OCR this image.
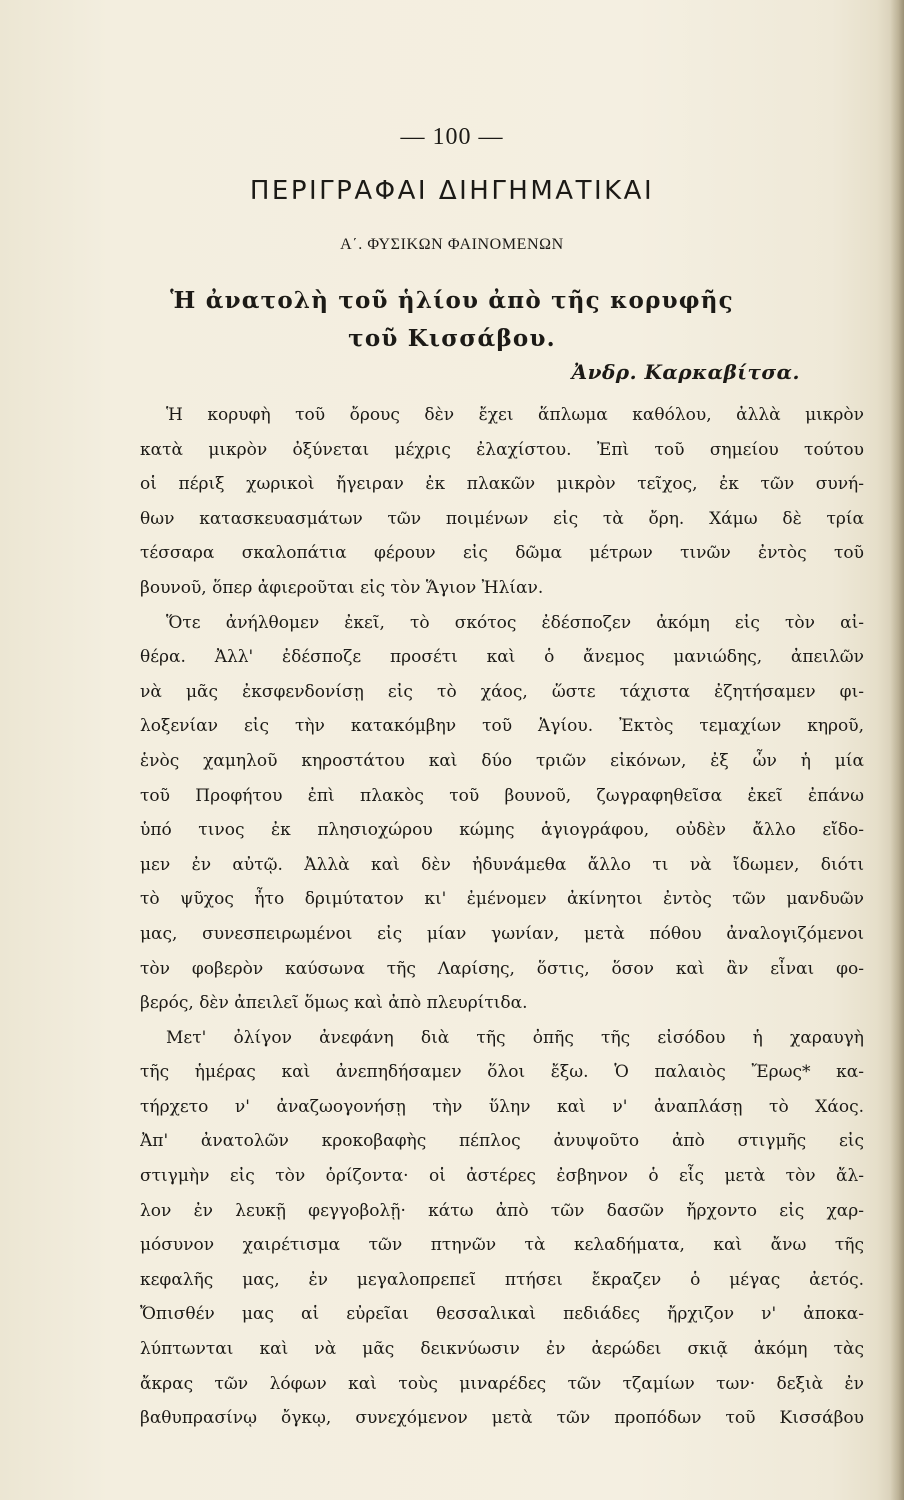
— 100 —
ΠΕΡΙΓΡΑΦΑΙ ΔΙΗΓΗΜΑΤΙΚΑΙ
Α΄. ΦΥΣΙΚΩΝ ΦΑΙΝΟΜΕΝΩΝ
Ἡ ἀνατολὴ τοῦ ἡλίου ἀπὸ τῆς κορυφῆς
τοῦ Κισσάβου.
Ἀνδρ. Καρκαβίτσα.
Ἡ κορυφὴ τοῦ ὄρους δὲν ἔχει ἅπλωμα καθόλου, ἀλλὰ μικρὸν
κατὰ μικρὸν ὀξύνεται μέχρις ἐλαχίστου. Ἐπὶ τοῦ σημείου τούτου
οἱ πέριξ χωρικοὶ ἤγειραν ἐκ πλακῶν μικρὸν τεῖχος, ἐκ τῶν συνή-
θων κατασκευασμάτων τῶν ποιμένων εἰς τὰ ὄρη. Χάμω δὲ τρία
τέσσαρα σκαλοπάτια φέρουν εἰς δῶμα μέτρων τινῶν ἐντὸς τοῦ
βουνοῦ, ὅπερ ἀφιεροῦται εἰς τὸν Ἅγιον Ἠλίαν.
Ὅτε ἀνήλθομεν ἐκεῖ, τὸ σκότος ἐδέσποζεν ἀκόμη εἰς τὸν αἰ-
θέρα. Ἀλλ' ἐδέσποζε προσέτι καὶ ὁ ἄνεμος μανιώδης, ἀπειλῶν
νὰ μᾶς ἐκσφενδονίσῃ εἰς τὸ χάος, ὥστε τάχιστα ἐζητήσαμεν φι-
λοξενίαν εἰς τὴν κατακόμβην τοῦ Ἁγίου. Ἐκτὸς τεμαχίων κηροῦ,
ἑνὸς χαμηλοῦ κηροστάτου καὶ δύο τριῶν εἰκόνων, ἐξ ὧν ἡ μία
τοῦ Προφήτου ἐπὶ πλακὸς τοῦ βουνοῦ, ζωγραφηθεῖσα ἐκεῖ ἐπάνω
ὑπό τινος ἐκ πλησιοχώρου κώμης ἁγιογράφου, οὐδὲν ἄλλο εἴδο-
μεν ἐν αὐτῷ. Ἀλλὰ καὶ δὲν ἠδυνάμεθα ἄλλο τι νὰ ἴδωμεν, διότι
τὸ ψῦχος ἦτο δριμύτατον κι' ἐμένομεν ἀκίνητοι ἐντὸς τῶν μανδυῶν
μας, συνεσπειρωμένοι εἰς μίαν γωνίαν, μετὰ πόθου ἀναλογιζόμενοι
τὸν φοβερὸν καύσωνα τῆς Λαρίσης, ὅστις, ὅσον καὶ ἂν εἶναι φο-
βερός, δὲν ἀπειλεῖ ὅμως καὶ ἀπὸ πλευρίτιδα.
Μετ' ὀλίγον ἀνεφάνη διὰ τῆς ὀπῆς τῆς εἰσόδου ἡ χαραυγὴ
τῆς ἡμέρας καὶ ἀνεπηδήσαμεν ὅλοι ἔξω. Ὁ παλαιὸς Ἔρως* κα-
τήρχετο ν' ἀναζωογονήσῃ τὴν ὕλην καὶ ν' ἀναπλάσῃ τὸ Χάος.
Ἀπ' ἀνατολῶν κροκοβαφὴς πέπλος ἀνυψοῦτο ἀπὸ στιγμῆς εἰς
στιγμὴν εἰς τὸν ὁρίζοντα· οἱ ἀστέρες ἐσβηνον ὁ εἷς μετὰ τὸν ἄλ-
λον ἐν λευκῇ φεγγοβολῇ· κάτω ἀπὸ τῶν δασῶν ἤρχοντο εἰς χαρ-
μόσυνον χαιρέτισμα τῶν πτηνῶν τὰ κελαδήματα, καὶ ἄνω τῆς
κεφαλῆς μας, ἐν μεγαλοπρεπεῖ πτήσει ἔκραζεν ὁ μέγας ἀετός.
Ὄπισθέν μας αἱ εὐρεῖαι θεσσαλικαὶ πεδιάδες ἤρχιζον ν' ἀποκα-
λύπτωνται καὶ νὰ μᾶς δεικνύωσιν ἐν ἀερώδει σκιᾷ ἀκόμη τὰς
ἄκρας τῶν λόφων καὶ τοὺς μιναρέδες τῶν τζαμίων των· δεξιὰ ἐν
βαθυπρασίνῳ ὄγκῳ, συνεχόμενον μετὰ τῶν προπόδων τοῦ Κισσάβου
